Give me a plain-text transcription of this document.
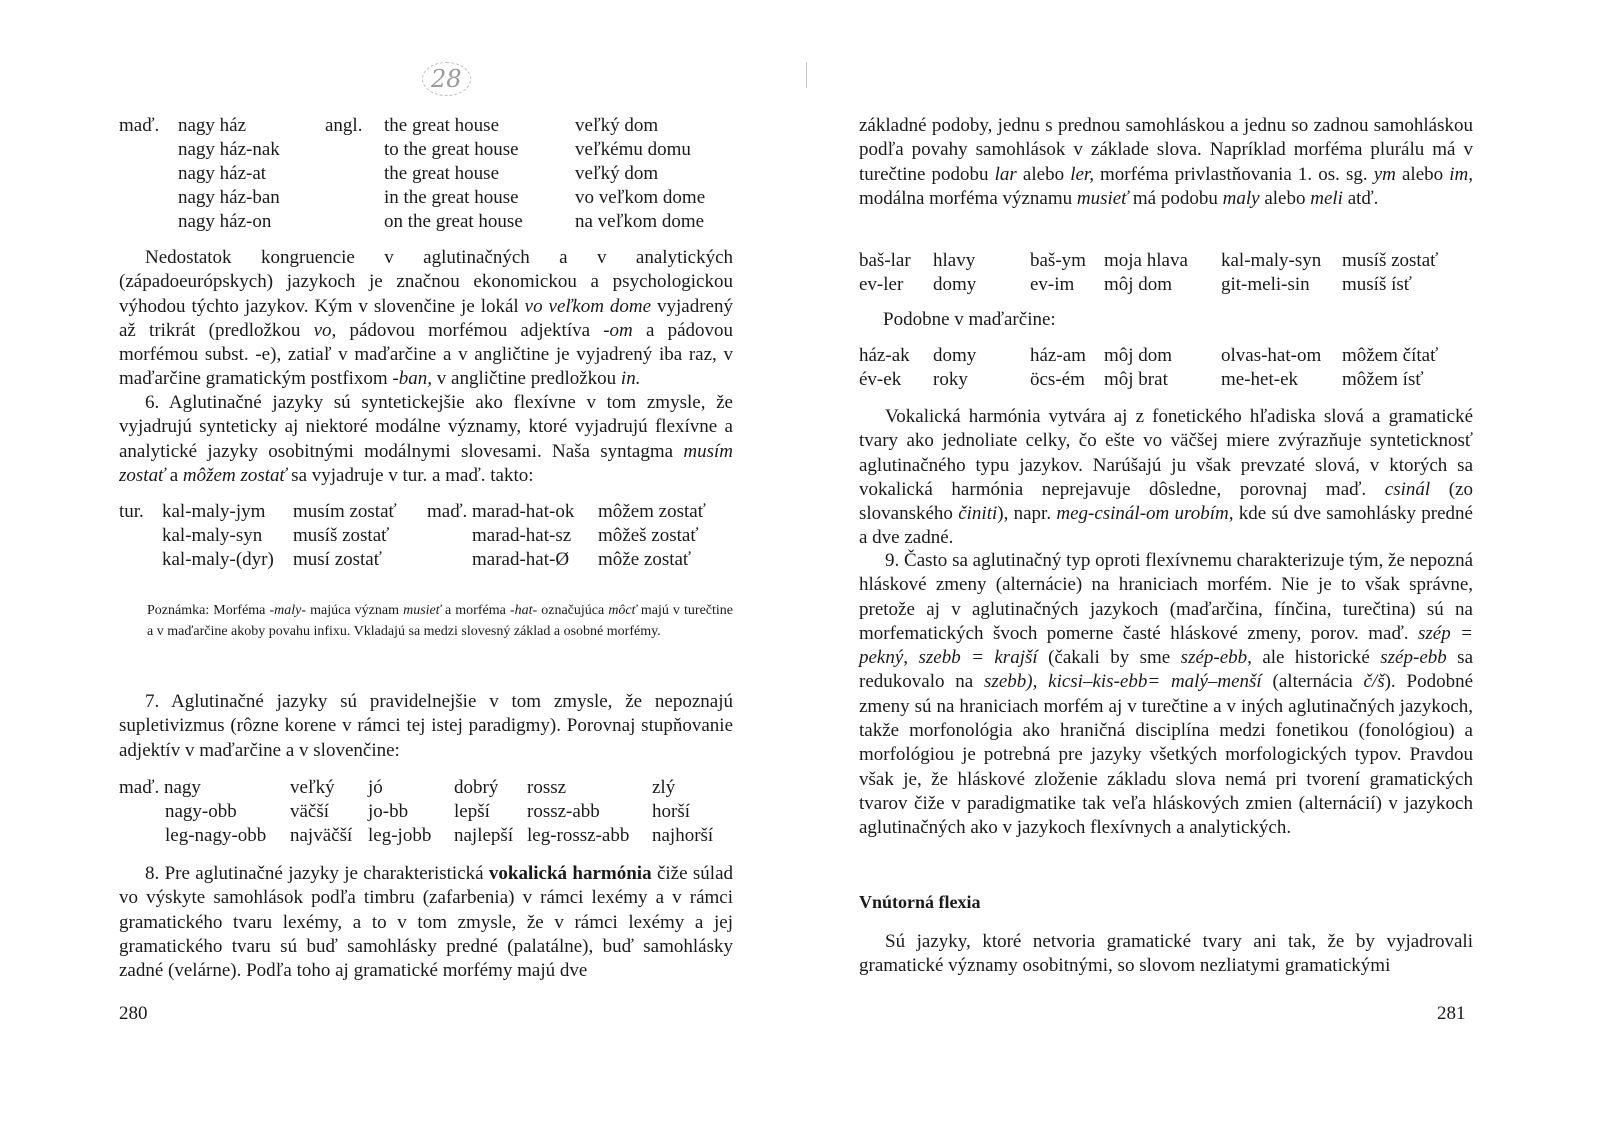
28
maď.	nagy ház	angl.	the great house	veľký dom
	nagy ház-nak		to the great house	veľkému domu
	nagy ház-at		the great house	veľký dom
	nagy ház-ban		in the great house	vo veľkom dome
	nagy ház-on		on the great house	na veľkom dome

Nedostatok kongruencie v aglutinačných a v analytických (západoeurópskych) jazykoch je značnou ekonomickou a psychologickou výhodou týchto jazykov. Kým v slovenčine je lokál vo veľkom dome vyjadrený až trikrát (predložkou vo, pádovou morfémou adjektíva -om a pádovou morfémou subst. -e), zatiaľ v maďarčine a v angličtine je vyjadrený iba raz, v maďarčine gramatickým postfixom -ban, v angličtine predložkou in.

6. Aglutinačné jazyky sú syntetickejšie ako flexívne v tom zmysle, že vyjadrujú synteticky aj niektoré modálne významy, ktoré vyjadrujú flexívne a analytické jazyky osobitnými modálnymi slovesami. Naša syntagma musím zostať a môžem zostať sa vyjadruje v tur. a maď. takto:

tur.	kal-maly-jym	musím zostať	maď.	marad-hat-ok	môžem zostať
	kal-maly-syn	musíš zostať		marad-hat-sz	môžeš zostať
	kal-maly-(dyr)	musí zostať		marad-hat-Ø	môže zostať

Poznámka: Morféma -maly- majúca význam musieť a morféma -hat- označujúca môcť majú v turečtine a v maďarčine akoby povahu infixu. Vkladajú sa medzi slovesný základ a osobné morfémy.

7. Aglutinačné jazyky sú pravidelnejšie v tom zmysle, že nepoznajú supletivizmus (rôzne korene v rámci tej istej paradigmy). Porovnaj stupňovanie adjektív v maďarčine a v slovenčine:

maď. nagy	veľký	jó	dobrý	rossz	zlý
nagy-obb	väčší	jo-bb	lepší	rossz-abb	horší
leg-nagy-obb	najväčší	leg-jobb	najlepší	leg-rossz-abb	najhorší

8. Pre aglutinačné jazyky je charakteristická vokalická harmónia čiže súlad vo výskyte samohlások podľa timbru (zafarbenia) v rámci lexémy a v rámci gramatického tvaru lexémy, a to v tom zmysle, že v rámci lexémy a jej gramatického tvaru sú buď samohlásky predné (palatálne), buď samohlásky zadné (velárne). Podľa toho aj gramatické morfémy majú dve

280

základné podoby, jednu s prednou samohláskou a jednu so zadnou samohláskou podľa povahy samohlások v základe slova. Napríklad morféma plurálu má v turečtine podobu lar alebo ler, morféma privlastňovania 1. os. sg. ym alebo im, modálna morféma významu musieť má podobu maly alebo meli atď.

baš-lar	hlavy	baš-ym	moja hlava	kal-maly-syn	musíš zostať
ev-ler	domy	ev-im	môj dom	git-meli-sin	musíš ísť
Podobne v maďarčine:
ház-ak	domy	ház-am	môj dom	olvas-hat-om	môžem čítať
év-ek	roky	öcs-ém	môj brat	me-het-ek	môžem ísť

Vokalická harmónia vytvára aj z fonetického hľadiska slová a gramatické tvary ako jednoliate celky, čo ešte vo väčšej miere zvýrazňuje synteticknosť aglutinačného typu jazykov. Narúšajú ju však prevzaté slová, v ktorých sa vokalická harmónia neprejavuje dôsledne, porovnaj maď. csinál (zo slovanského činiti), napr. meg-csinál-om urobím, kde sú dve samohlásky predné a dve zadné.

9. Často sa aglutinačný typ oproti flexívnemu charakterizuje tým, že nepozná hláskové zmeny (alternácie) na hraniciach morfém. Nie je to však správne, pretože aj v aglutinačných jazykoch (maďarčina, fínčina, turečtina) sú na morfematických švoch pomerne časté hláskové zmeny, porov. maď. szép = pekný, szebb = krajší (čakali by sme szép-ebb, ale historické szép-ebb sa redukovalo na szebb), kicsi–kis-ebb= malý–menší (alternácia č/š). Podobné zmeny sú na hraniciach morfém aj v turečtine a v iných aglutinačných jazykoch, takže morfonológia ako hraničná disciplína medzi fonetikou (fonológiou) a morfológiou je potrebná pre jazyky všetkých morfologických typov. Pravdou však je, že hláskové zloženie základu slova nemá pri tvorení gramatických tvarov čiže v paradigmatike tak veľa hláskových zmien (alternácií) v jazykoch aglutinačných ako v jazykoch flexívnych a analytických.

Vnútorná flexia

Sú jazyky, ktoré netvoria gramatické tvary ani tak, že by vyjadrovali gramatické významy osobitnými, so slovom nezliatymi gramatickými

281
